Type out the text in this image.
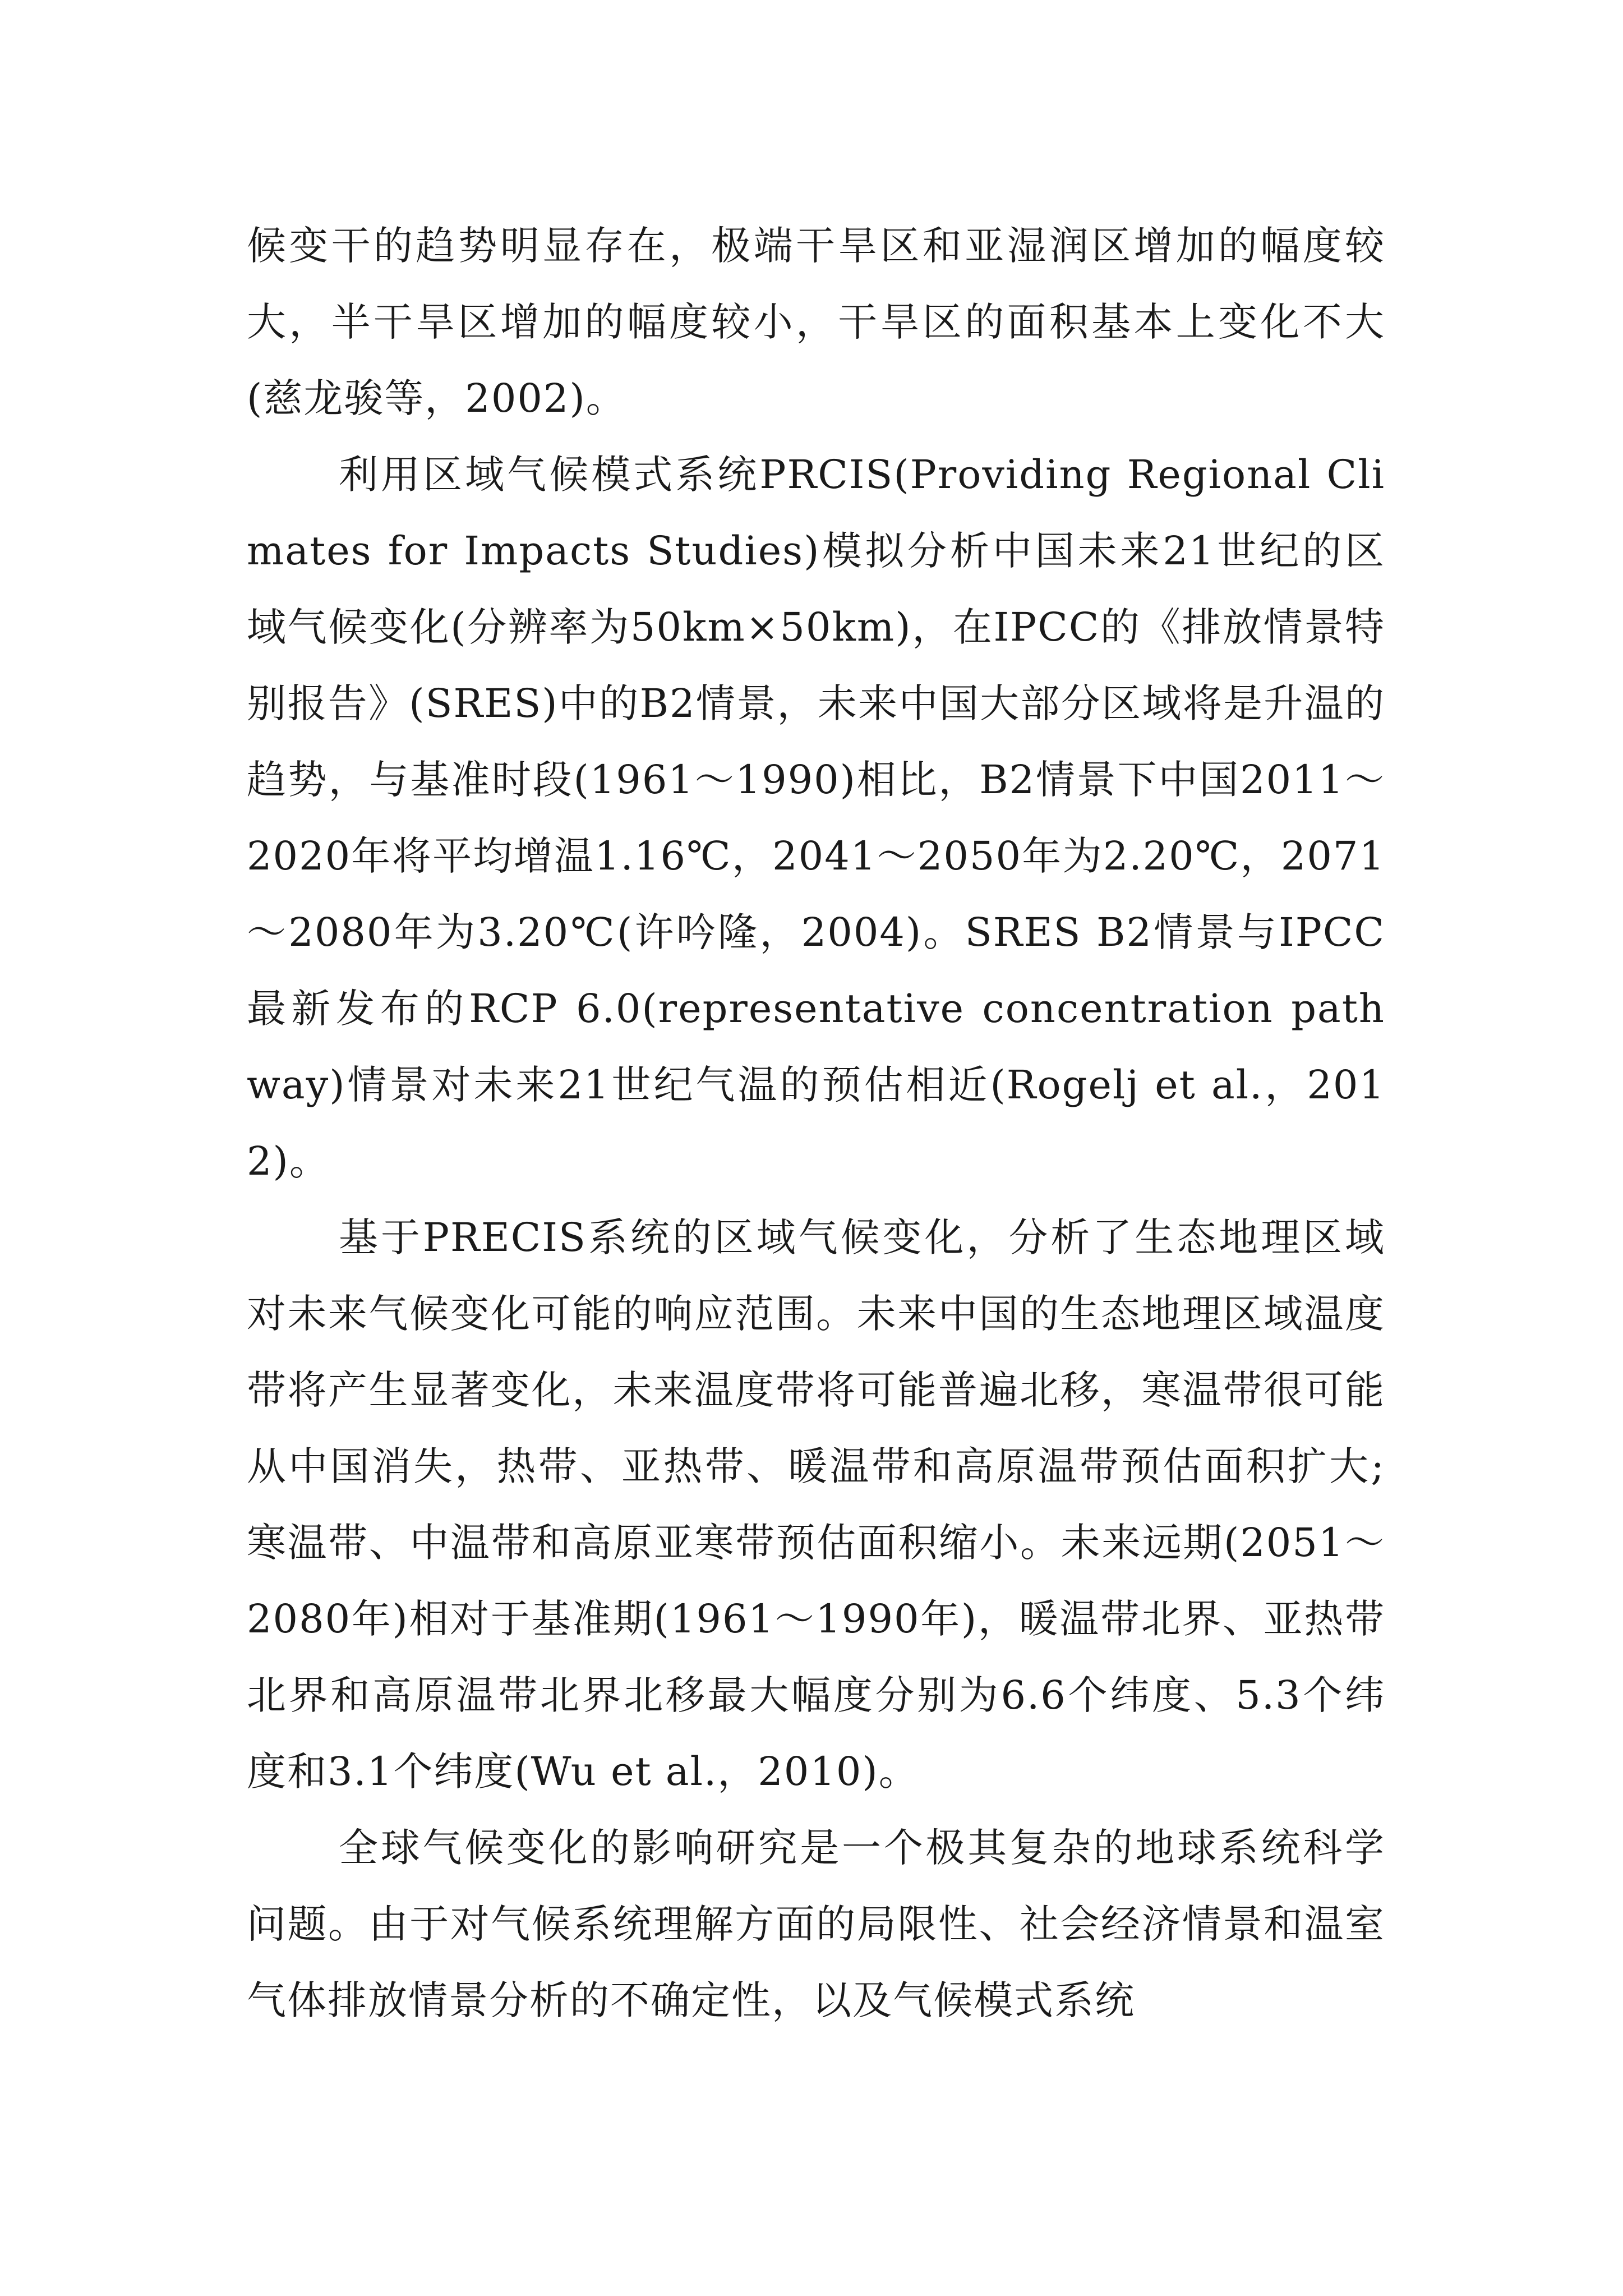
候变干的趋势明显存在，极端干旱区和亚湿润区增加的幅度较大，半干旱区增加的幅度较小，干旱区的面积基本上变化不大(慈龙骏等，2002)。

利用区域气候模式系统PRCIS(Providing Regional Climates for Impacts Studies)模拟分析中国未来21世纪的区域气候变化(分辨率为50km×50km)，在IPCC的《排放情景特别报告》(SRES)中的B2情景，未来中国大部分区域将是升温的趋势，与基准时段(1961～1990)相比，B2情景下中国2011～2020年将平均增温1.16℃，2041～2050年为2.20℃，2071～2080年为3.20℃(许吟隆，2004)。SRES B2情景与IPCC最新发布的RCP 6.0(representative concentration pathway)情景对未来21世纪气温的预估相近(Rogelj et al.，2012)。

基于PRECIS系统的区域气候变化，分析了生态地理区域对未来气候变化可能的响应范围。未来中国的生态地理区域温度带将产生显著变化，未来温度带将可能普遍北移，寒温带很可能从中国消失，热带、亚热带、暖温带和高原温带预估面积扩大;寒温带、中温带和高原亚寒带预估面积缩小。未来远期(2051～2080年)相对于基准期(1961～1990年)，暖温带北界、亚热带北界和高原温带北界北移最大幅度分别为6.6个纬度、5.3个纬度和3.1个纬度(Wu et al.，2010)。

全球气候变化的影响研究是一个极其复杂的地球系统科学问题。由于对气候系统理解方面的局限性、社会经济情景和温室气体排放情景分析的不确定性，以及气候模式系统
